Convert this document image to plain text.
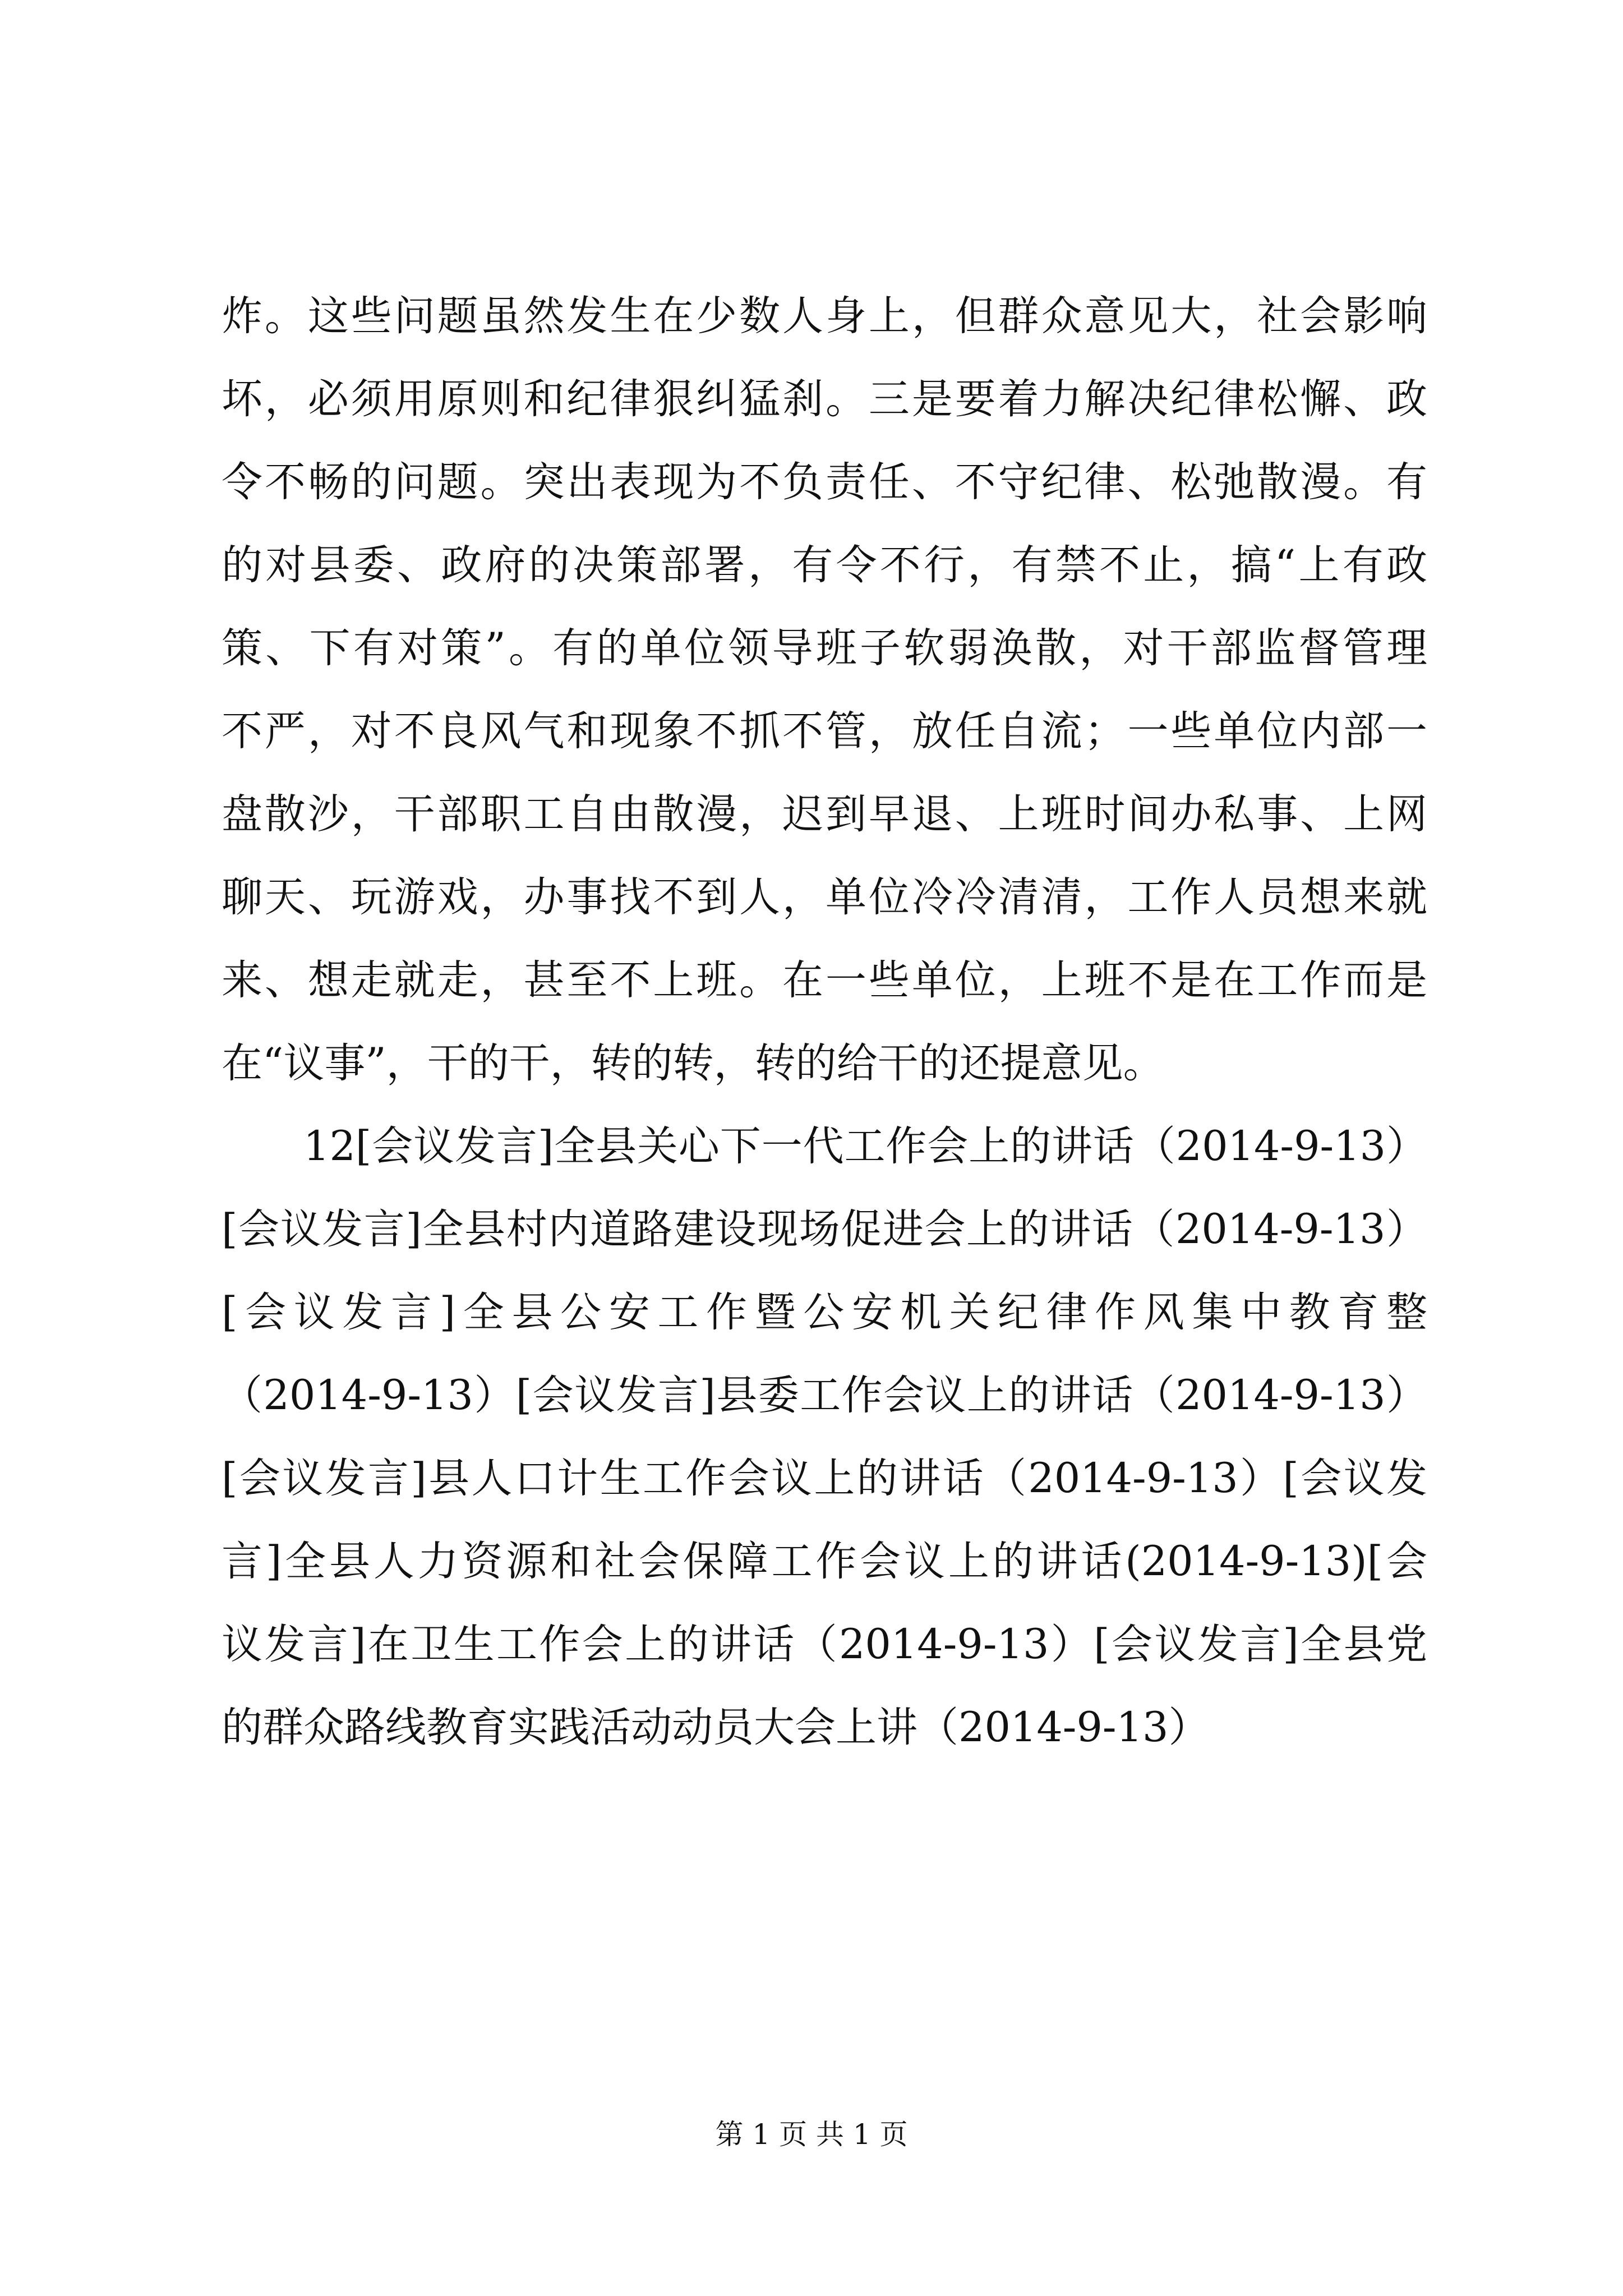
炸。这些问题虽然发生在少数人身上，但群众意见大，社会影响
坏，必须用原则和纪律狠纠猛刹。三是要着力解决纪律松懈、政
令不畅的问题。突出表现为不负责任、不守纪律、松弛散漫。有
的对县委、政府的决策部署，有令不行，有禁不止，搞“上有政
策、下有对策”。有的单位领导班子软弱涣散，对干部监督管理
不严，对不良风气和现象不抓不管，放任自流；一些单位内部一
盘散沙，干部职工自由散漫，迟到早退、上班时间办私事、上网
聊天、玩游戏，办事找不到人，单位冷冷清清，工作人员想来就
来、想走就走，甚至不上班。在一些单位，上班不是在工作而是
在“议事”，干的干，转的转，转的给干的还提意见。
12[会议发言]全县关心下一代工作会上的讲话（2014-9-13）
[会议发言]全县村内道路建设现场促进会上的讲话（2014-9-13）
[会议发言]全县公安工作暨公安机关纪律作风集中教育整
（2014-9-13）[会议发言]县委工作会议上的讲话（2014-9-13）
[会议发言]县人口计生工作会议上的讲话（2014-9-13）[会议发
言]全县人力资源和社会保障工作会议上的讲话(2014-9-13)[会
议发言]在卫生工作会上的讲话（2014-9-13）[会议发言]全县党
的群众路线教育实践活动动员大会上讲（2014-9-13）
第 1 页 共 1 页
